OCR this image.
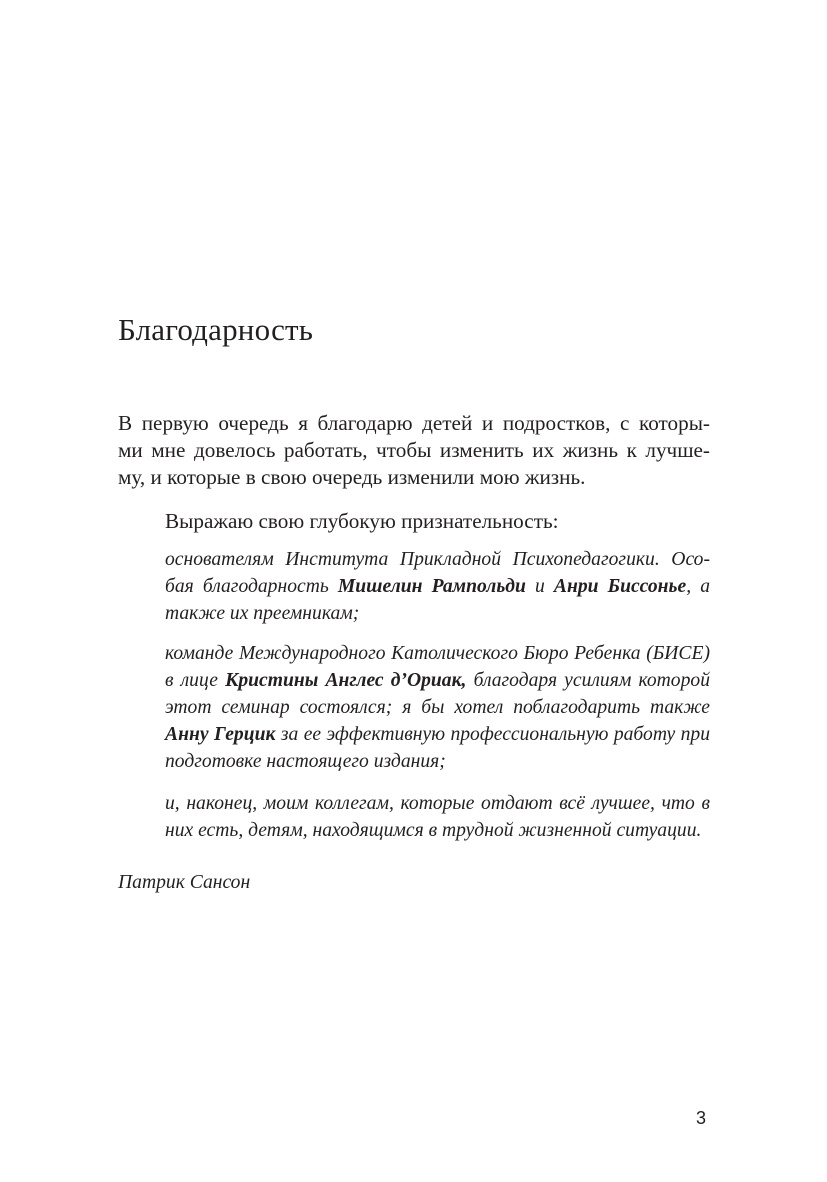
Благодарность

В первую очередь я благодарю детей и подростков, с которы-
ми мне довелось работать, чтобы изменить их жизнь к лучше-
му, и которые в свою очередь изменили мою жизнь.

Выражаю свою глубокую признательность:

основателям Института Прикладной Психопедагогики. Осо-
бая благодарность Мишелин Рампольди и Анри Биссонье, а
также их преемникам;

команде Международного Католического Бюро Ребенка (БИСЕ)
в лице Кристины Англес д’Ориак, благодаря усилиям которой
этот семинар состоялся; я бы хотел поблагодарить также
Анну Герцик за ее эффективную профессиональную работу при
подготовке настоящего издания;

и, наконец, моим коллегам, которые отдают всё лучшее, что в
них есть, детям, находящимся в трудной жизненной ситуации.

Патрик Сансон

3
